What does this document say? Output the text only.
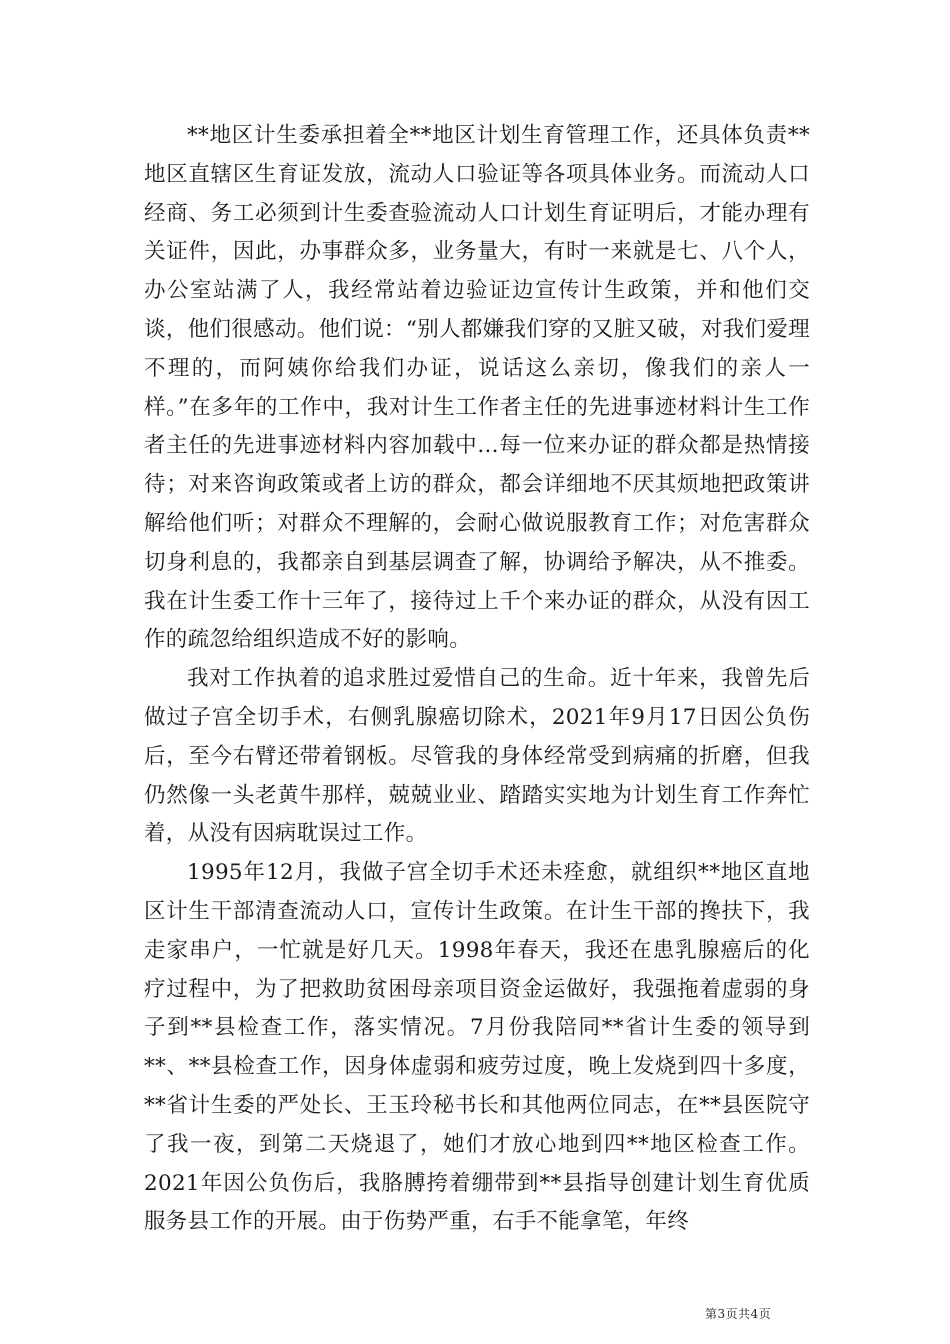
**地区计生委承担着全**地区计划生育管理工作，还具体负责**地区直辖区生育证发放，流动人口验证等各项具体业务。而流动人口经商、务工必须到计生委查验流动人口计划生育证明后，才能办理有关证件，因此，办事群众多，业务量大，有时一来就是七、八个人，办公室站满了人，我经常站着边验证边宣传计生政策，并和他们交谈，他们很感动。他们说：“别人都嫌我们穿的又脏又破，对我们爱理不理的，而阿姨你给我们办证，说话这么亲切，像我们的亲人一样。”在多年的工作中，我对计生工作者主任的先进事迹材料计生工作者主任的先进事迹材料内容加载中...每一位来办证的群众都是热情接待；对来咨询政策或者上访的群众，都会详细地不厌其烦地把政策讲解给他们听；对群众不理解的，会耐心做说服教育工作；对危害群众切身利息的，我都亲自到基层调查了解，协调给予解决，从不推委。我在计生委工作十三年了，接待过上千个来办证的群众，从没有因工作的疏忽给组织造成不好的影响。

我对工作执着的追求胜过爱惜自己的生命。近十年来，我曾先后做过子宫全切手术，右侧乳腺癌切除术，2021年9月17日因公负伤后，至今右臂还带着钢板。尽管我的身体经常受到病痛的折磨，但我仍然像一头老黄牛那样，兢兢业业、踏踏实实地为计划生育工作奔忙着，从没有因病耽误过工作。

1995年12月，我做子宫全切手术还未痊愈，就组织**地区直地区计生干部清查流动人口，宣传计生政策。在计生干部的搀扶下，我走家串户，一忙就是好几天。1998年春天，我还在患乳腺癌后的化疗过程中，为了把救助贫困母亲项目资金运做好，我强拖着虚弱的身子到**县检查工作，落实情况。7月份我陪同**省计生委的领导到**、**县检查工作，因身体虚弱和疲劳过度，晚上发烧到四十多度，**省计生委的严处长、王玉玲秘书长和其他两位同志，在**县医院守了我一夜，到第二天烧退了，她们才放心地到四**地区检查工作。2021年因公负伤后，我胳膊挎着绷带到**县指导创建计划生育优质服务县工作的开展。由于伤势严重，右手不能拿笔，年终

第3页共4页
